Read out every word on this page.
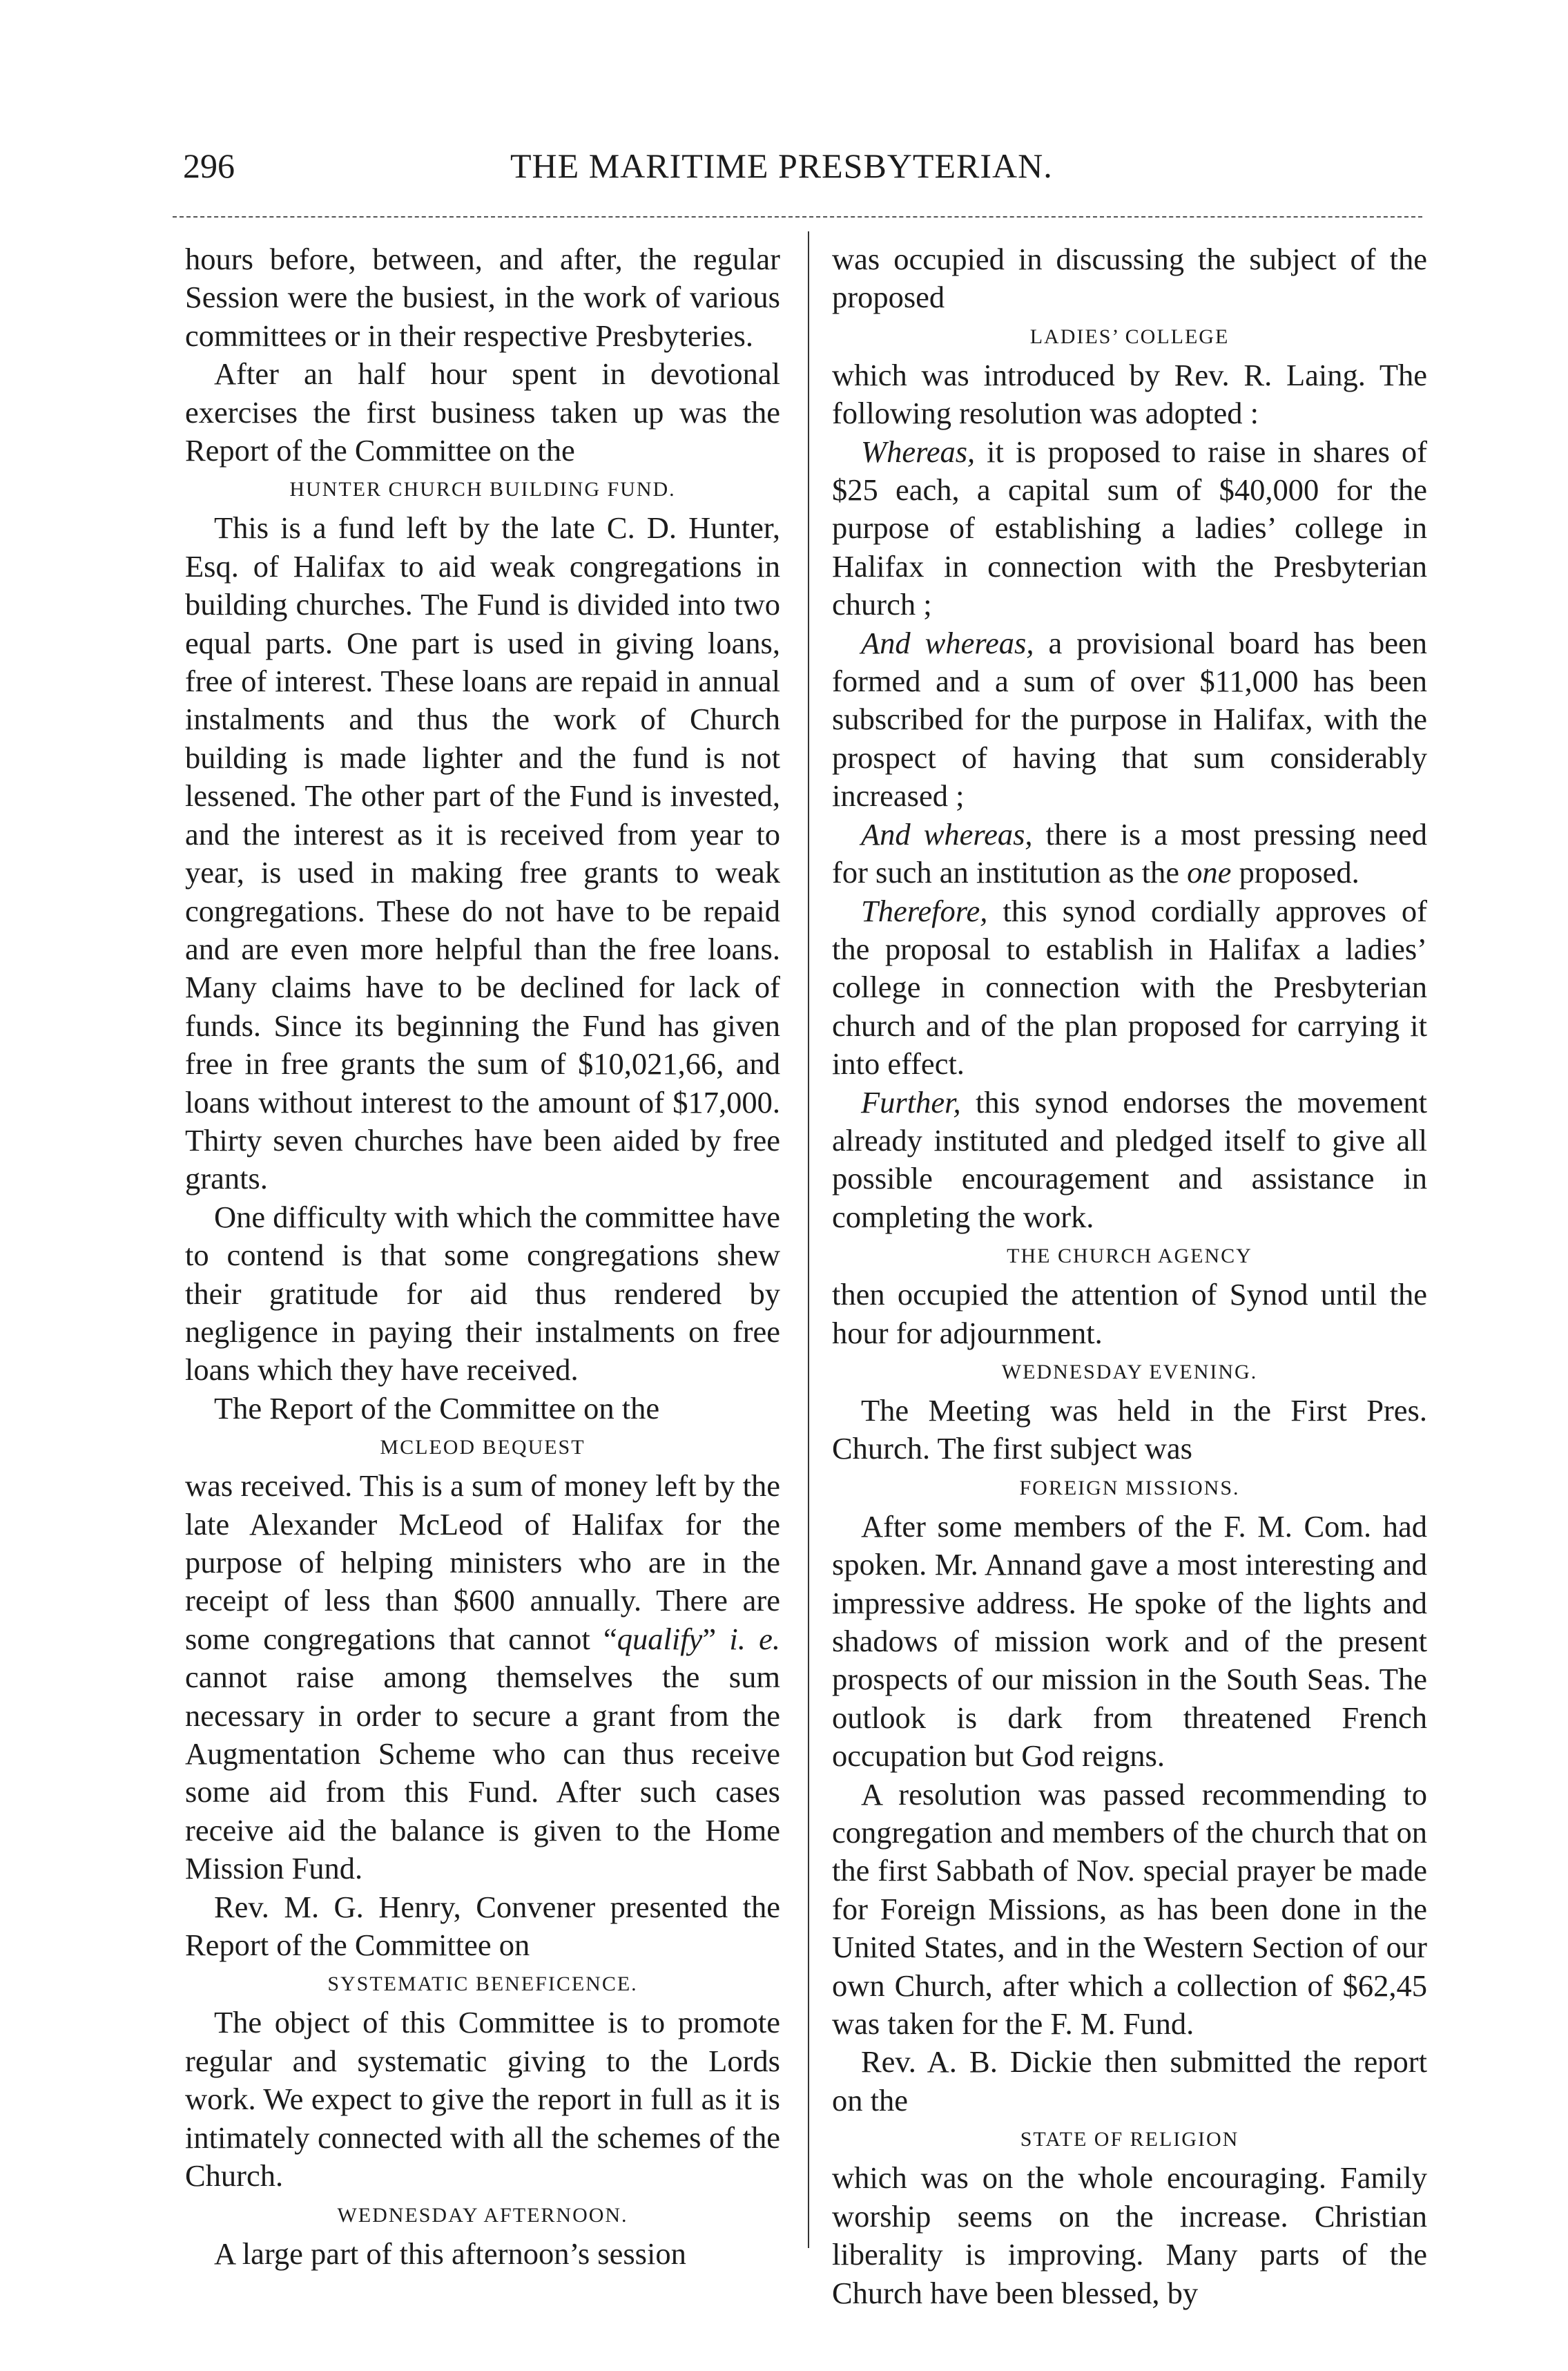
296	THE MARITIME PRESBYTERIAN.

hours before, between, and after, the regular Session were the busiest, in the work of various committees or in their respective Presbyteries.

After an half hour spent in devotional exercises the first business taken up was the Report of the Committee on the

HUNTER CHURCH BUILDING FUND.

This is a fund left by the late C. D. Hunter, Esq. of Halifax to aid weak congregations in building churches. The Fund is divided into two equal parts. One part is used in giving loans, free of interest. These loans are repaid in annual instalments and thus the work of Church building is made lighter and the fund is not lessened. The other part of the Fund is invested, and the interest as it is received from year to year, is used in making free grants to weak congregations. These do not have to be repaid and are even more helpful than the free loans. Many claims have to be declined for lack of funds. Since its beginning the Fund has given free in free grants the sum of $10,021,66, and loans without interest to the amount of $17,000. Thirty seven churches have been aided by free grants.

One difficulty with which the committee have to contend is that some congregations shew their gratitude for aid thus rendered by negligence in paying their instalments on free loans which they have received.

The Report of the Committee on the

MCLEOD BEQUEST

was received. This is a sum of money left by the late Alexander McLeod of Halifax for the purpose of helping ministers who are in the receipt of less than $600 annually. There are some congregations that cannot “qualify” i. e. cannot raise among themselves the sum necessary in order to secure a grant from the Augmentation Scheme who can thus receive some aid from this Fund. After such cases receive aid the balance is given to the Home Mission Fund.

Rev. M. G. Henry, Convener presented the Report of the Committee on

SYSTEMATIC BENEFICENCE.

The object of this Committee is to promote regular and systematic giving to the Lords work. We expect to give the report in full as it is intimately connected with all the schemes of the Church.

WEDNESDAY AFTERNOON.

A large part of this afternoon’s session

was occupied in discussing the subject of the proposed

LADIES’ COLLEGE

which was introduced by Rev. R. Laing. The following resolution was adopted :

Whereas, it is proposed to raise in shares of $25 each, a capital sum of $40,000 for the purpose of establishing a ladies’ college in Halifax in connection with the Presbyterian church ;

And whereas, a provisional board has been formed and a sum of over $11,000 has been subscribed for the purpose in Halifax, with the prospect of having that sum considerably increased ;

And whereas, there is a most pressing need for such an institution as the one proposed.

Therefore, this synod cordially approves of the proposal to establish in Halifax a ladies’ college in connection with the Presbyterian church and of the plan proposed for carrying it into effect.

Further, this synod endorses the movement already instituted and pledged itself to give all possible encouragement and assistance in completing the work.

THE CHURCH AGENCY

then occupied the attention of Synod until the hour for adjournment.

WEDNESDAY EVENING.

The Meeting was held in the First Pres. Church. The first subject was

FOREIGN MISSIONS.

After some members of the F. M. Com. had spoken. Mr. Annand gave a most interesting and impressive address. He spoke of the lights and shadows of mission work and of the present prospects of our mission in the South Seas. The outlook is dark from threatened French occupation but God reigns.

A resolution was passed recommending to congregation and members of the church that on the first Sabbath of Nov. special prayer be made for Foreign Missions, as has been done in the United States, and in the Western Section of our own Church, after which a collection of $62,45 was taken for the F. M. Fund.

Rev. A. B. Dickie then submitted the report on the

STATE OF RELIGION

which was on the whole encouraging. Family worship seems on the increase. Christian liberality is improving. Many parts of the Church have been blessed, by
